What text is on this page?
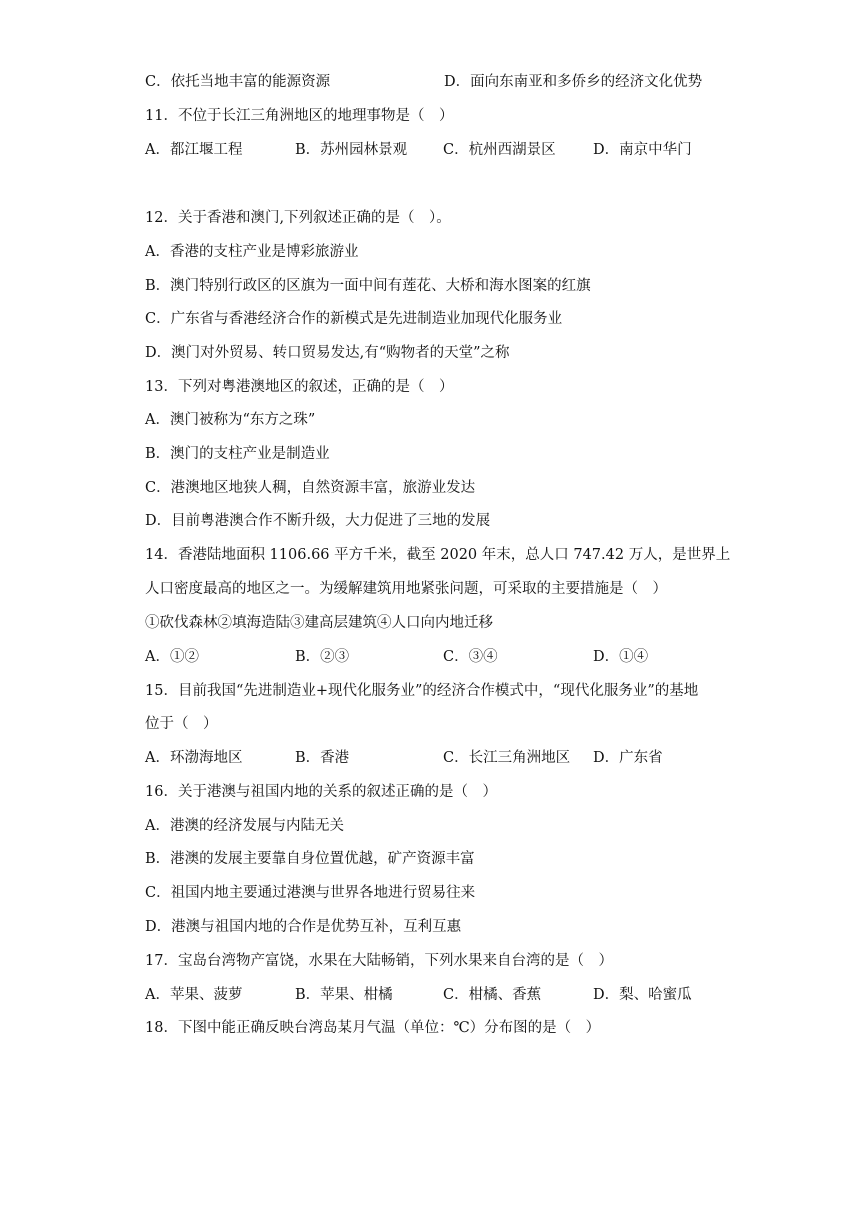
C．依托当地丰富的能源资源	D．面向东南亚和多侨乡的经济文化优势
11．不位于长江三角洲地区的地理事物是（　）
A．都江堰工程	B．苏州园林景观 C．杭州西湖景区	D．南京中华门
12．关于香港和澳门,下列叙述正确的是（　）。
A．香港的支柱产业是博彩旅游业
B．澳门特别行政区的区旗为一面中间有莲花、大桥和海水图案的红旗
C．广东省与香港经济合作的新模式是先进制造业加现代化服务业
D．澳门对外贸易、转口贸易发达,有“购物者的天堂”之称
13．下列对粤港澳地区的叙述，正确的是（　）
A．澳门被称为“东方之珠”
B．澳门的支柱产业是制造业
C．港澳地区地狭人稠，自然资源丰富，旅游业发达
D．目前粤港澳合作不断升级，大力促进了三地的发展
14．香港陆地面积 1106.66 平方千米，截至 2020 年末，总人口 747.42 万人，是世界上
人口密度最高的地区之一。为缓解建筑用地紧张问题，可采取的主要措施是（　）
①砍伐森林②填海造陆③建高层建筑④人口向内地迁移
A．①②	B．②③	C．③④	D．①④
15．目前我国“先进制造业+现代化服务业”的经济合作模式中，“现代化服务业”的基地
位于（　）
A．环渤海地区	B．香港	C．长江三角洲地区 D．广东省
16．关于港澳与祖国内地的关系的叙述正确的是（　）
A．港澳的经济发展与内陆无关
B．港澳的发展主要靠自身位置优越，矿产资源丰富
C．祖国内地主要通过港澳与世界各地进行贸易往来
D．港澳与祖国内地的合作是优势互补，互利互惠
17．宝岛台湾物产富饶，水果在大陆畅销，下列水果来自台湾的是（　）
A．苹果、菠萝	B．苹果、柑橘	C．柑橘、香蕉	D．梨、哈蜜瓜
18．下图中能正确反映台湾岛某月气温（单位：℃）分布图的是（　）
